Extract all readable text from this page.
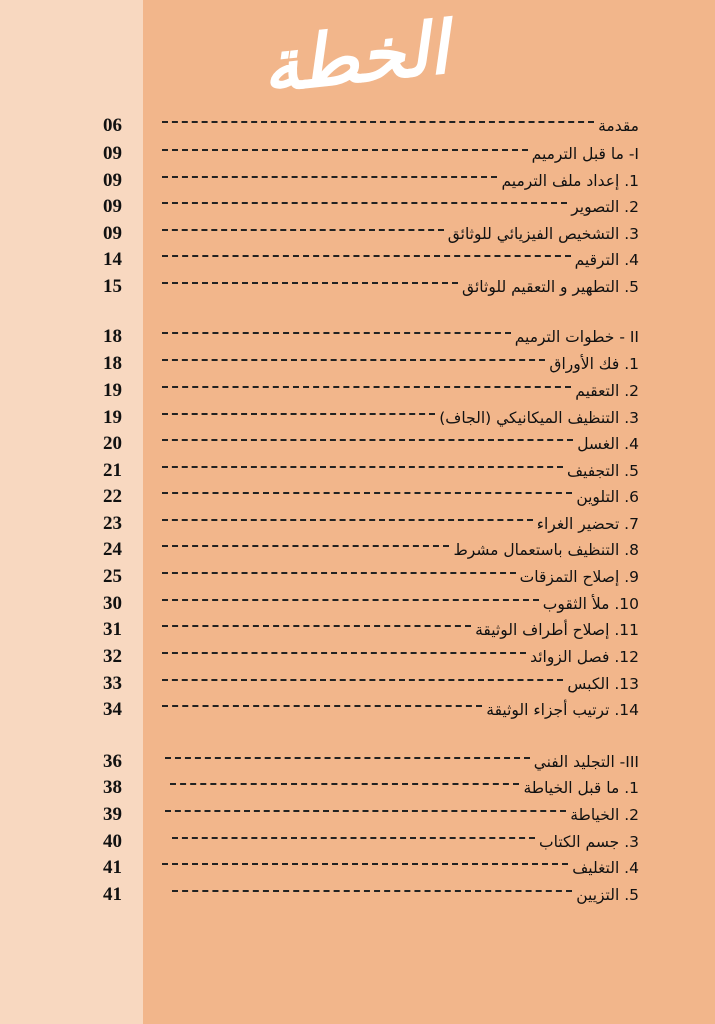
الخطة
06	مقدمة
09	I- ما قبل الترميم
09	1. إعداد ملف الترميم
09	2. التصوير
09	3. التشخيص الفيزيائي للوثائق
14	4. الترقيم
15	5. التطهير و التعقيم للوثائق
18	II - خطوات الترميم
18	1. فك الأوراق
19	2. التعقيم
19	3. التنظيف الميكانيكي (الجاف)
20	4. الغسل
21	5. التجفيف
22	6. التلوين
23	7. تحضير الغراء
24	8. التنظيف باستعمال مشرط
25	9. إصلاح التمزقات
30	10. ملأ الثقوب
31	11. إصلاح أطراف الوثيقة
32	12. فصل الزوائد
33	13. الكبس
34	14. ترتيب أجزاء الوثيقة
36	III- التجليد الفني
38	1. ما قبل الخياطة
39	2. الخياطة
40	3. جسم الكتاب
41	4. التغليف
41	5. التزيين
